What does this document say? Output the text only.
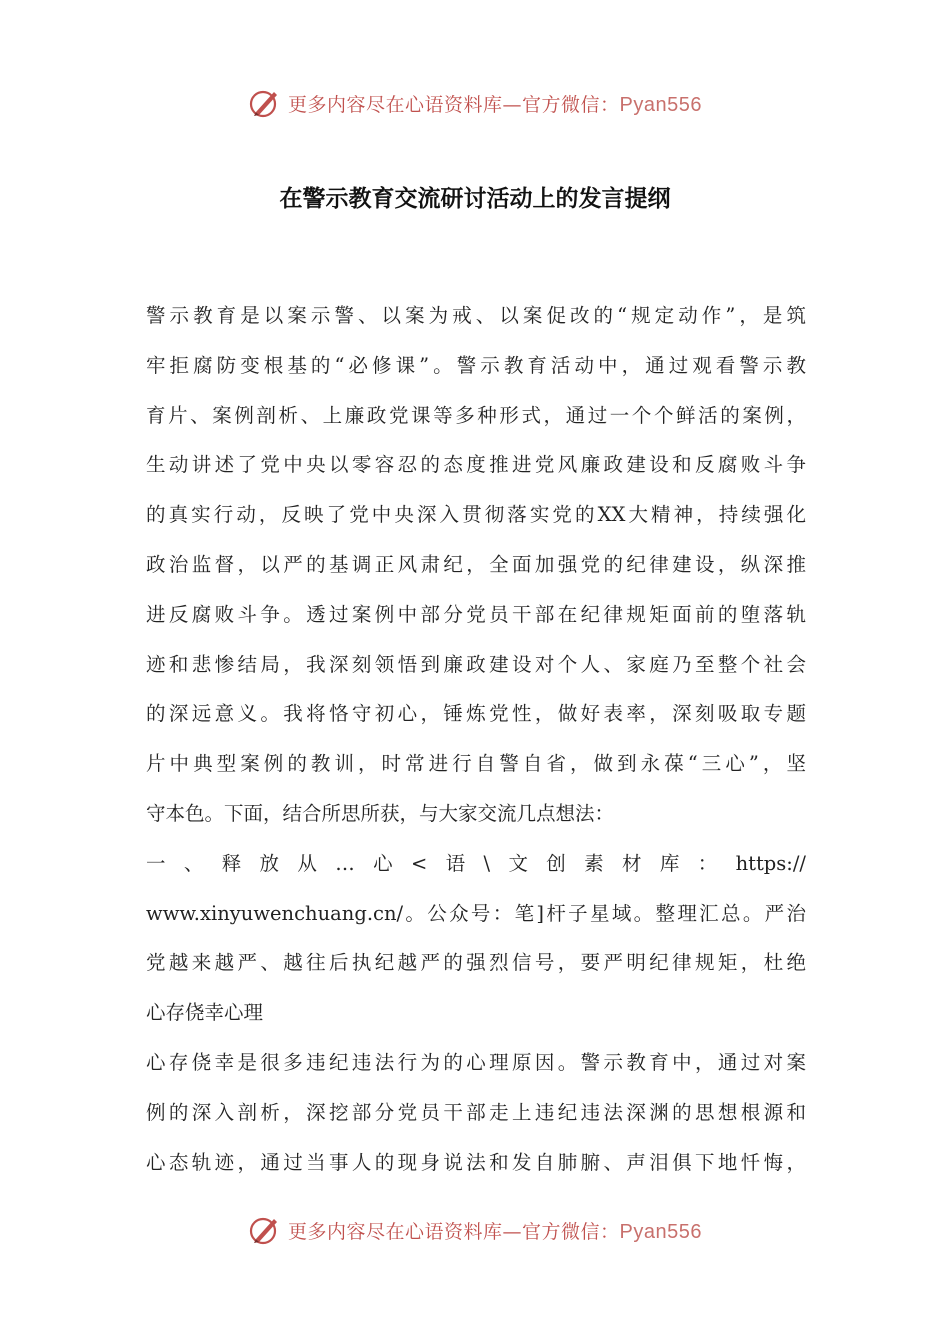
更多内容尽在心语资料库—官方微信：Pyan556
在警示教育交流研讨活动上的发言提纲
警示教育是以案示警、以案为戒、以案促改的“规定动作”，是筑
牢拒腐防变根基的“必修课”。警示教育活动中，通过观看警示教
育片、案例剖析、上廉政党课等多种形式，通过一个个鲜活的案例，
生动讲述了党中央以零容忍的态度推进党风廉政建设和反腐败斗争
的真实行动，反映了党中央深入贯彻落实党的XX大精神，持续强化
政治监督，以严的基调正风肃纪，全面加强党的纪律建设，纵深推
进反腐败斗争。透过案例中部分党员干部在纪律规矩面前的堕落轨
迹和悲惨结局，我深刻领悟到廉政建设对个人、家庭乃至整个社会
的深远意义。我将恪守初心，锤炼党性，做好表率，深刻吸取专题
片中典型案例的教训，时常进行自警自省，做到永葆“三心”，坚
守本色。下面，结合所思所获，与大家交流几点想法：
一、释放从…心<语\文创素材库：https://
www.xinyuwenchuang.cn/。公众号：笔]杆子星域。整理汇总。严治
党越来越严、越往后执纪越严的强烈信号，要严明纪律规矩，杜绝
心存侥幸心理
心存侥幸是很多违纪违法行为的心理原因。警示教育中，通过对案
例的深入剖析，深挖部分党员干部走上违纪违法深渊的思想根源和
心态轨迹，通过当事人的现身说法和发自肺腑、声泪俱下地忏悔，
更多内容尽在心语资料库—官方微信：Pyan556
